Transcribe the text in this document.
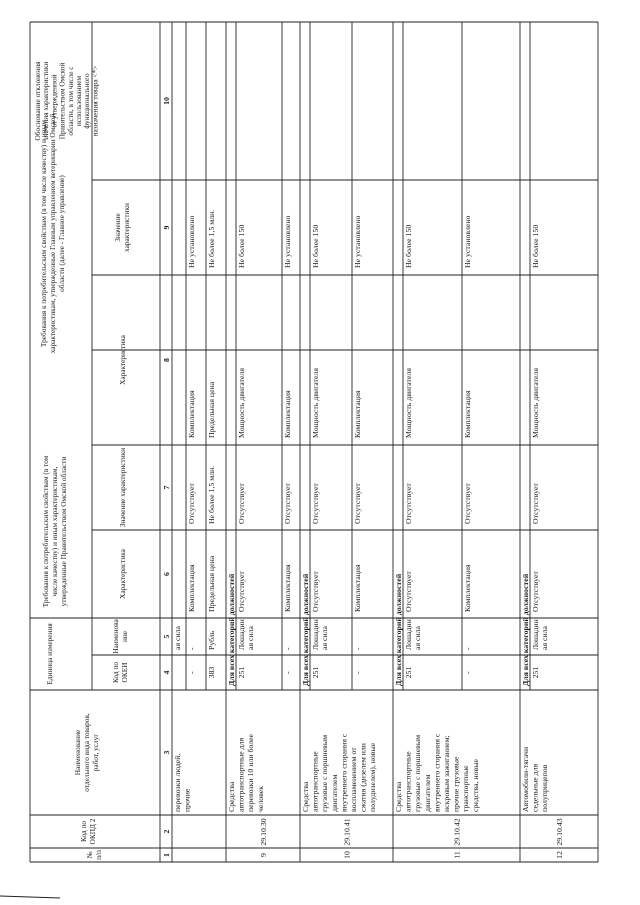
№ п/п
Код по ОКПД 2
Наименование отдельного вида товаров, работ, услуг
Единица измерения	Код по ОКЕИ
Наименова ние
Требования к потребительским свойствам (в том числе качеству) и иным характеристикам, утвержденные Правительством Омской области	Характеристика
Значение характеристики
Требования к потребительским свойствам (в том числе качеству) и иным характеристикам, утвержденные Главным управлением ветеринарии Омской области (далее - Главное управление)
Характеристика
Значение характеристики
Обоснование отклонения значения характеристики от утвержденной Правительством Омской области, в том числе с использованием функционального назначения товара <*>
1
2
3
4
5
6
7
8
9
10
перевозки людей, прочие
ая сила
-
-
Комплектация
Отсутствует
Комплектация
Не установлено
383
Рубль
Предельная цена
Не более 1,5 млн.
Предельная цена
Не более 1,5 млн.
Для всех категорий должностей
9
29.10.30
Средства автотранспортные для перевозки 10 или более человек
251
Лошадин ая сила
Отсутствует
Отсутствует
Мощность двигателя
Не более 150
-
-
Комплектация
Отсутствует
Комплектация
Не установлено
Для всех категорий должностей
10
29.10.41
Средства автотранспортные грузовые с поршневым двигателем внутреннего сгорания с воспламенением от сжатия (дизелем или полудизелем), новые
251
Лошадин ая сила
Отсутствует
Отсутствует
Мощность двигателя
Не более 150
-
-
Комплектация
Отсутствует
Комплектация
Не установлено
Для всех категорий должностей
11
29.10.42
Средства автотранспортные грузовые с поршневым двигателем внутреннего сгорания с искровым зажиганием; прочие грузовые транспортные средства, новые
251
Лошадин ая сила
Отсутствует
Отсутствует
Мощность двигателя
Не более 150
-
-
Комплектация
Отсутствует
Комплектация
Не установлено
Для всех категорий должностей
12
29.10.43
Автомобили-тягачи седельные для полуприцепов
251
Лошадин ая сила
Отсутствует
Отсутствует
Мощность двигателя
Не более 150
